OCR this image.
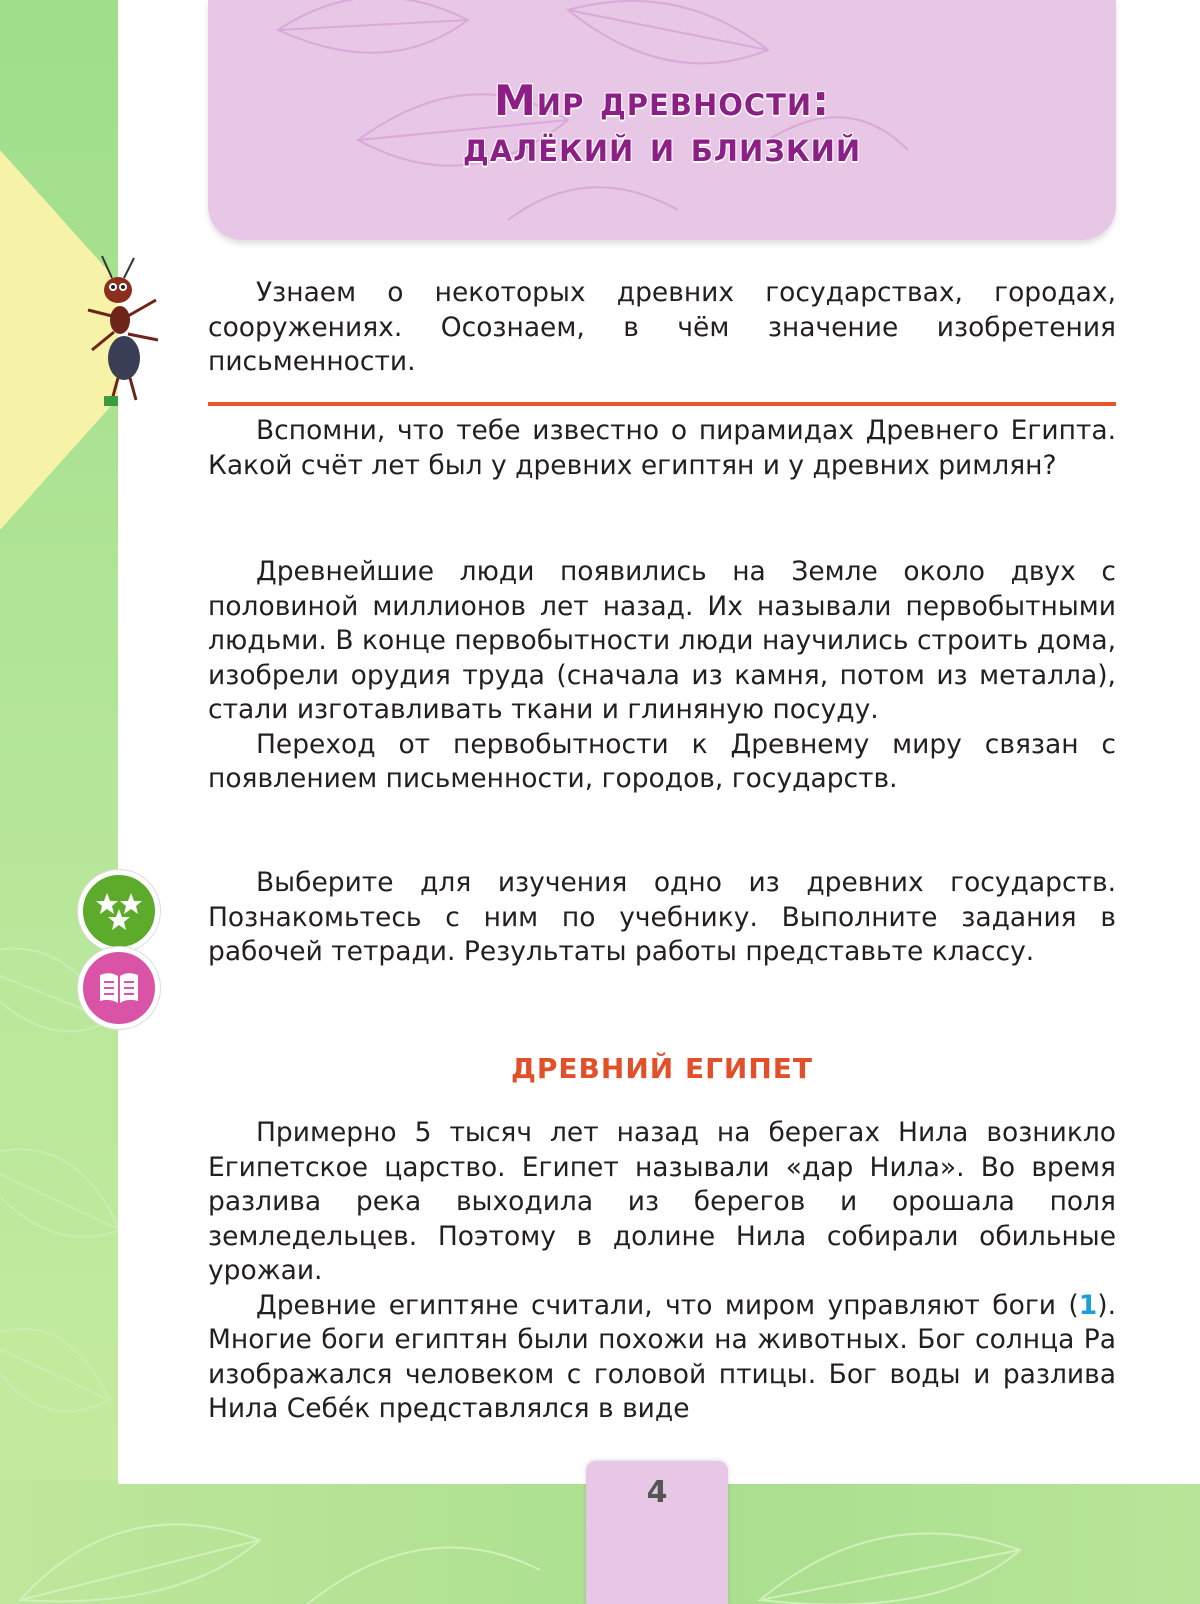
Мир древности:
далёкий и близкий

Узнаем о некоторых древних государствах, городах, сооружениях. Осознаем, в чём значение изобретения письменности.

Вспомни, что тебе известно о пирамидах Древнего Египта. Какой счёт лет был у древних египтян и у древних римлян?

Древнейшие люди появились на Земле около двух с половиной миллионов лет назад. Их называли первобытными людьми. В конце первобытности люди научились строить дома, изобрели орудия труда (сначала из камня, потом из металла), стали изготавливать ткани и глиняную посуду.

Переход от первобытности к Древнему миру связан с появлением письменности, городов, государств.

Выберите для изучения одно из древних государств. Познакомьтесь с ним по учебнику. Выполните задания в рабочей тетради. Результаты работы представьте классу.

ДРЕВНИЙ ЕГИПЕТ

Примерно 5 тысяч лет назад на берегах Нила возникло Египетское царство. Египет называли «дар Нила». Во время разлива река выходила из берегов и орошала поля земледельцев. Поэтому в долине Нила собирали обильные урожаи.

Древние египтяне считали, что миром управляют боги (1). Многие боги египтян были похожи на животных. Бог солнца Ра изображался человеком с головой птицы. Бог воды и разлива Нила Себéк представлялся в виде

4
